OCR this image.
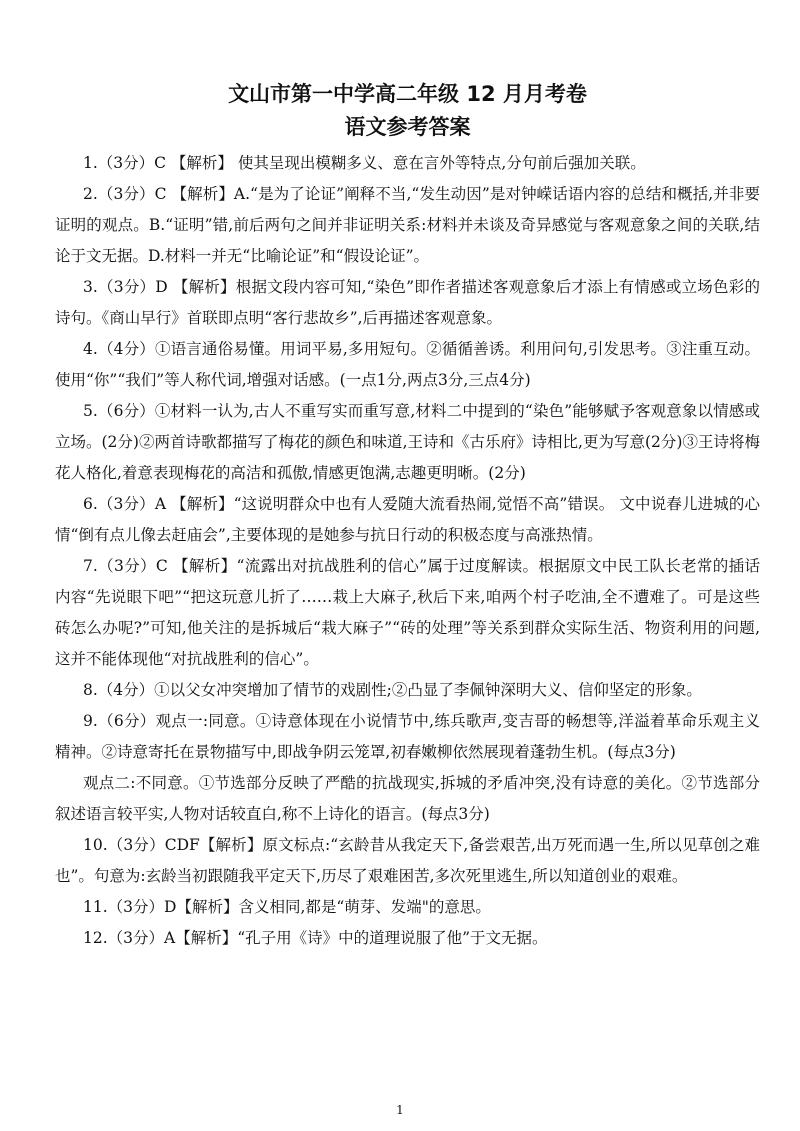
文山市第一中学高二年级 12 月月考卷
语文参考答案

1.（3分）C 【解析】 使其呈现出模糊多义、意在言外等特点,分句前后强加关联。

2.（3分）C 【解析】A.“是为了论证”阐释不当,“发生动因”是对钟嵘话语内容的总结和概括,并非要证明的观点。B.“证明”错,前后两句之间并非证明关系:材料并未谈及奇异感觉与客观意象之间的关联,结论于文无据。D.材料一并无“比喻论证”和“假设论证”。

3.（3分）D 【解析】根据文段内容可知,“染色”即作者描述客观意象后才添上有情感或立场色彩的诗句。《商山早行》首联即点明“客行悲故乡”,后再描述客观意象。

4.（4分）①语言通俗易懂。用词平易,多用短句。②循循善诱。利用问句,引发思考。③注重互动。使用“你”“我们”等人称代词,增强对话感。(一点1分,两点3分,三点4分)

5.（6分）①材料一认为,古人不重写实而重写意,材料二中提到的“染色”能够赋予客观意象以情感或立场。(2分)②两首诗歌都描写了梅花的颜色和味道,王诗和《古乐府》诗相比,更为写意(2分)③王诗将梅花人格化,着意表现梅花的高洁和孤傲,情感更饱满,志趣更明晰。(2分)

6.（3分）A 【解析】“这说明群众中也有人爱随大流看热闹,觉悟不高”错误。 文中说春儿进城的心情“倒有点儿像去赶庙会”,主要体现的是她参与抗日行动的积极态度与高涨热情。

7.（3分）C 【解析】“流露出对抗战胜利的信心”属于过度解读。根据原文中民工队长老常的插话内容“先说眼下吧”“把这玩意儿折了……栽上大麻子,秋后下来,咱两个村子吃油,全不遭难了。可是这些砖怎么办呢?”可知,他关注的是拆城后“栽大麻子”“砖的处理”等关系到群众实际生活、物资利用的问题,这并不能体现他“对抗战胜利的信心”。

8.（4分）①以父女冲突增加了情节的戏剧性;②凸显了李佩钟深明大义、信仰坚定的形象。

9.（6分）观点一:同意。①诗意体现在小说情节中,练兵歌声,变吉哥的畅想等,洋溢着革命乐观主义精神。②诗意寄托在景物描写中,即战争阴云笼罩,初春嫩柳依然展现着蓬勃生机。(每点3分)

观点二:不同意。①节选部分反映了严酷的抗战现实,拆城的矛盾冲突,没有诗意的美化。②节选部分叙述语言较平实,人物对话较直白,称不上诗化的语言。(每点3分)

10.（3分）CDF【解析】原文标点:“玄龄昔从我定天下,备尝艰苦,出万死而遇一生,所以见草创之难也”。句意为:玄龄当初跟随我平定天下,历尽了艰难困苦,多次死里逃生,所以知道创业的艰难。

11.（3分）D【解析】含义相同,都是“萌芽、发端"的意思。

12.（3分）A【解析】“孔子用《诗》中的道理说服了他”于文无据。

1
